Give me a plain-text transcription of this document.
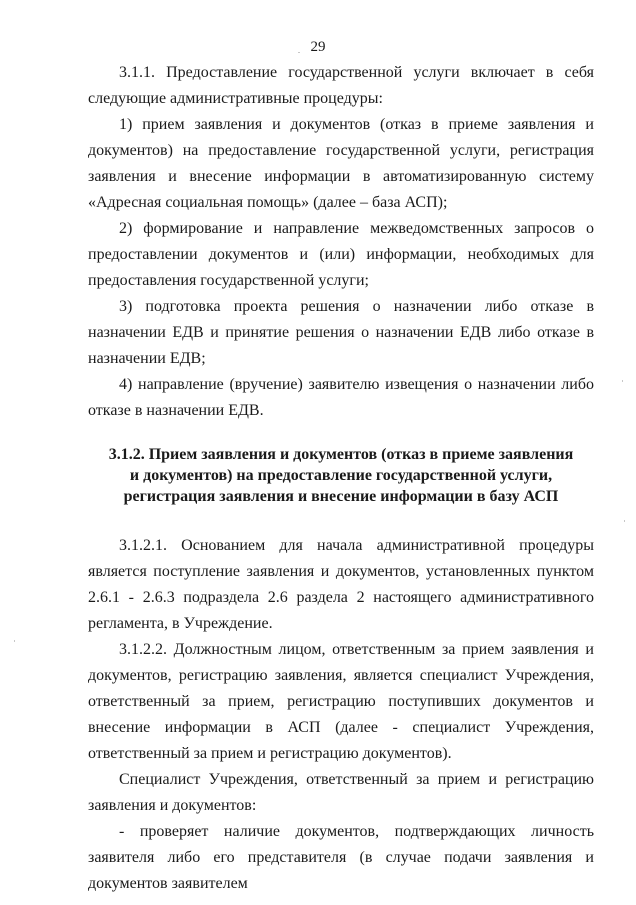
29

3.1.1. Предоставление государственной услуги включает в себя следующие административные процедуры:

1) прием заявления и документов (отказ в приеме заявления и документов) на предоставление государственной услуги, регистрация заявления и внесение информации в автоматизированную систему «Адресная социальная помощь» (далее – база АСП);

2) формирование и направление межведомственных запросов о предоставлении документов и (или) информации, необходимых для предоставления государственной услуги;

3) подготовка проекта решения о назначении либо отказе в назначении ЕДВ и принятие решения о назначении ЕДВ либо отказе в назначении ЕДВ;

4) направление (вручение) заявителю извещения о назначении либо отказе в назначении ЕДВ.

3.1.2. Прием заявления и документов (отказ в приеме заявления и документов) на предоставление государственной услуги, регистрация заявления и внесение информации в базу АСП

3.1.2.1. Основанием для начала административной процедуры является поступление заявления и документов, установленных пунктом 2.6.1 - 2.6.3 подраздела 2.6 раздела 2 настоящего административного регламента, в Учреждение.

3.1.2.2. Должностным лицом, ответственным за прием заявления и документов, регистрацию заявления, является специалист Учреждения, ответственный за прием, регистрацию поступивших документов и внесение информации в АСП (далее - специалист Учреждения, ответственный за прием и регистрацию документов).

Специалист Учреждения, ответственный за прием и регистрацию заявления и документов:

- проверяет наличие документов, подтверждающих личность заявителя либо его представителя (в случае подачи заявления и документов заявителем
